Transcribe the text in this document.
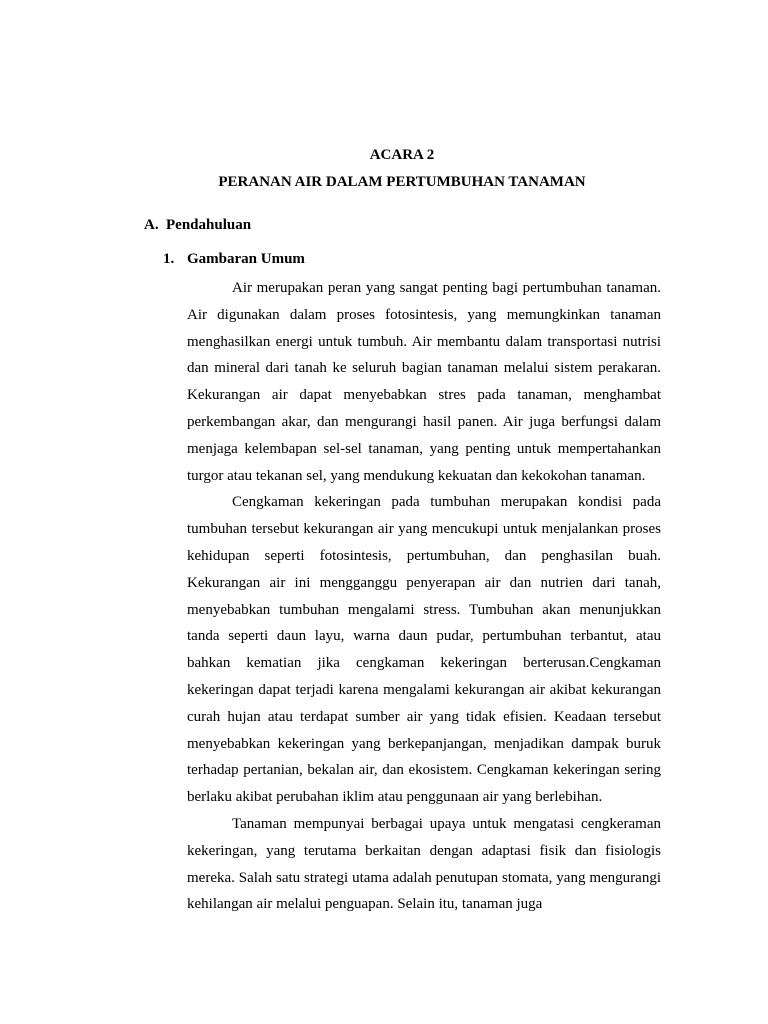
ACARA 2
PERANAN AIR DALAM PERTUMBUHAN TANAMAN
A. Pendahuluan
1. Gambaran Umum

Air merupakan peran yang sangat penting bagi pertumbuhan tanaman. Air digunakan dalam proses fotosintesis, yang memungkinkan tanaman menghasilkan energi untuk tumbuh. Air membantu dalam transportasi nutrisi dan mineral dari tanah ke seluruh bagian tanaman melalui sistem perakaran. Kekurangan air dapat menyebabkan stres pada tanaman, menghambat perkembangan akar, dan mengurangi hasil panen. Air juga berfungsi dalam menjaga kelembapan sel-sel tanaman, yang penting untuk mempertahankan turgor atau tekanan sel, yang mendukung kekuatan dan kekokohan tanaman.

Cengkaman kekeringan pada tumbuhan merupakan kondisi pada tumbuhan tersebut kekurangan air yang mencukupi untuk menjalankan proses kehidupan seperti fotosintesis, pertumbuhan, dan penghasilan buah. Kekurangan air ini mengganggu penyerapan air dan nutrien dari tanah, menyebabkan tumbuhan mengalami stress. Tumbuhan akan menunjukkan tanda seperti daun layu, warna daun pudar, pertumbuhan terbantut, atau bahkan kematian jika cengkaman kekeringan berterusan.Cengkaman kekeringan dapat terjadi karena mengalami kekurangan air akibat kekurangan curah hujan atau terdapat sumber air yang tidak efisien. Keadaan tersebut menyebabkan kekeringan yang berkepanjangan, menjadikan dampak buruk terhadap pertanian, bekalan air, dan ekosistem. Cengkaman kekeringan sering berlaku akibat perubahan iklim atau penggunaan air yang berlebihan.

Tanaman mempunyai berbagai upaya untuk mengatasi cengkeraman kekeringan, yang terutama berkaitan dengan adaptasi fisik dan fisiologis mereka. Salah satu strategi utama adalah penutupan stomata, yang mengurangi kehilangan air melalui penguapan. Selain itu, tanaman juga
